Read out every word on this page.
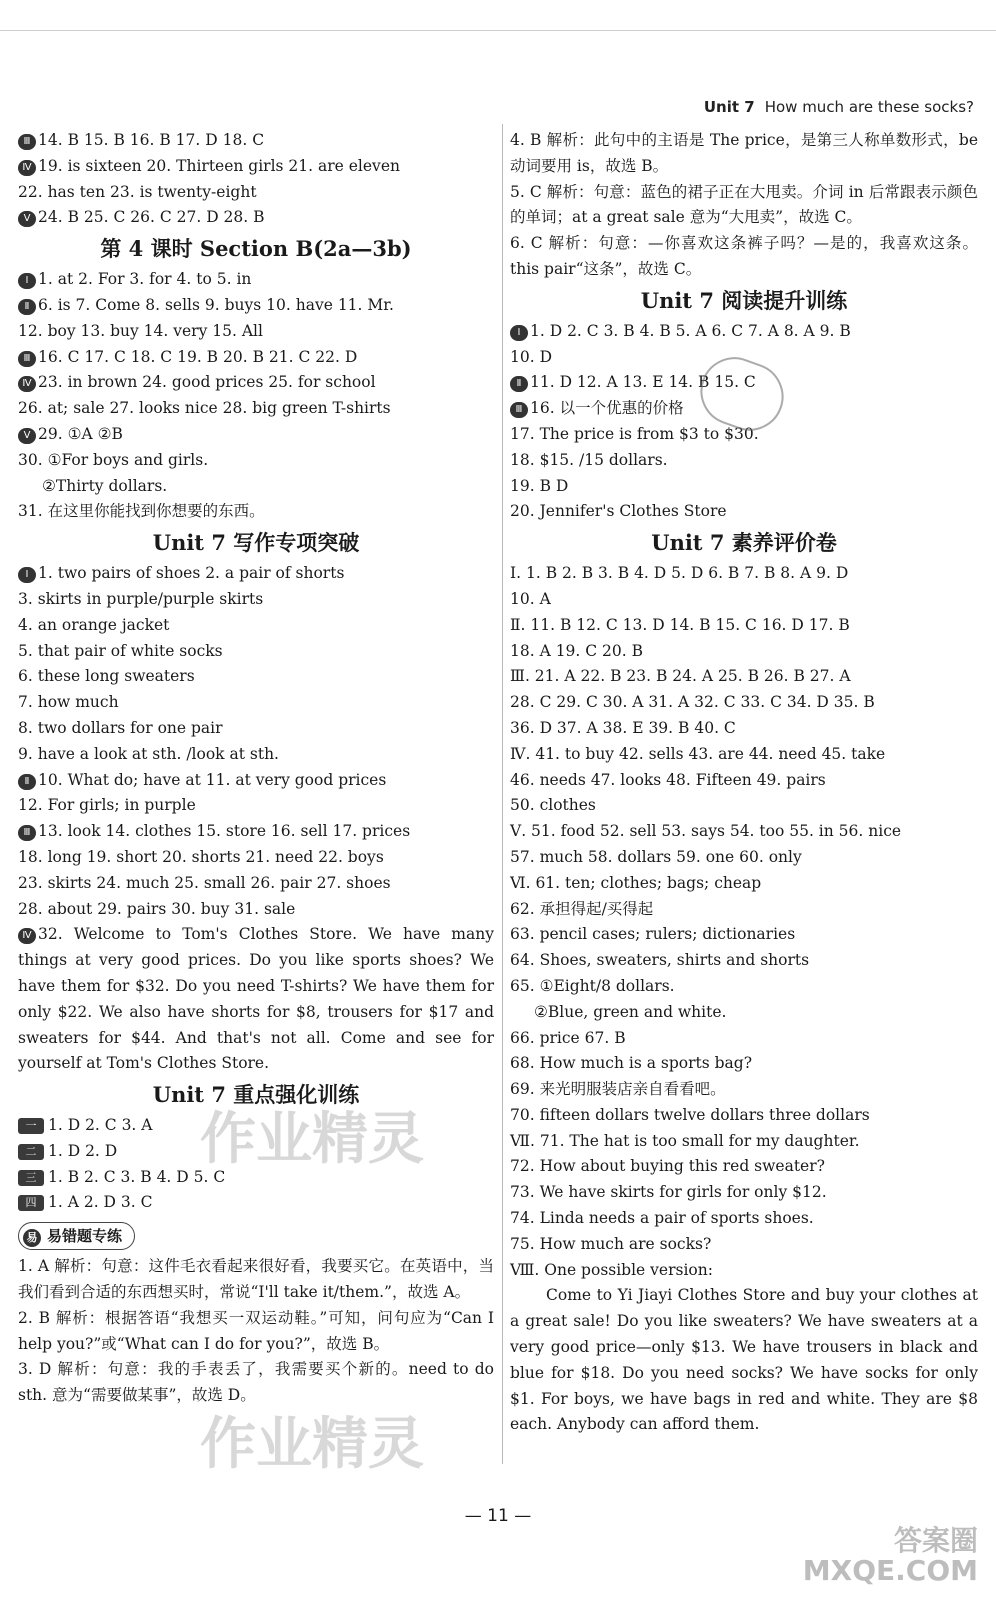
Unit 7 How much are these socks?
Ⅲ 14. B 15. B 16. B 17. D 18. C
Ⅳ 19. is sixteen 20. Thirteen girls 21. are eleven
22. has ten 23. is twenty-eight
Ⅴ 24. B 25. C 26. C 27. D 28. B
第 4 课时 Section B(2a—3b)
Ⅰ 1. at 2. For 3. for 4. to 5. in
Ⅱ 6. is 7. Come 8. sells 9. buys 10. have 11. Mr.
12. boy 13. buy 14. very 15. All
Ⅲ 16. C 17. C 18. C 19. B 20. B 21. C 22. D
Ⅳ 23. in brown 24. good prices 25. for school
26. at; sale 27. looks nice 28. big green T-shirts
Ⅴ 29. ①A ②B
30. ①For boys and girls.
②Thirty dollars.
31. 在这里你能找到你想要的东西。
Unit 7 写作专项突破
Ⅰ 1. two pairs of shoes 2. a pair of shorts
3. skirts in purple/purple skirts
4. an orange jacket
5. that pair of white socks
6. these long sweaters
7. how much
8. two dollars for one pair
9. have a look at sth. /look at sth.
Ⅱ 10. What do; have at 11. at very good prices
12. For girls; in purple
Ⅲ 13. look 14. clothes 15. store 16. sell 17. prices
18. long 19. short 20. shorts 21. need 22. boys
23. skirts 24. much 25. small 26. pair 27. shoes
28. about 29. pairs 30. buy 31. sale
Ⅳ 32. Welcome to Tom's Clothes Store. We have many things at very good prices. Do you like sports shoes? We have them for $32. Do you need T-shirts? We have them for only $22. We also have shorts for $8, trousers for $17 and sweaters for $44. And that's not all. Come and see for yourself at Tom's Clothes Store.
Unit 7 重点强化训练
一 1. D 2. C 3. A
二 1. D 2. D
三 1. B 2. C 3. B 4. D 5. C
四 1. A 2. D 3. C
易 易错题专练
1. A 解析：句意：这件毛衣看起来很好看，我要买它。在英语中，当我们看到合适的东西想买时，常说“I'll take it/them.”，故选 A。
2. B 解析：根据答语“我想买一双运动鞋。”可知，问句应为“Can I help you?”或“What can I do for you?”，故选 B。
3. D 解析：句意：我的手表丢了，我需要买个新的。need to do sth. 意为“需要做某事”，故选 D。
4. B 解析：此句中的主语是 The price，是第三人称单数形式，be 动词要用 is，故选 B。
5. C 解析：句意：蓝色的裙子正在大甩卖。介词 in 后常跟表示颜色的单词；at a great sale 意为“大甩卖”，故选 C。
6. C 解析：句意：—你喜欢这条裤子吗？—是的，我喜欢这条。this pair“这条”，故选 C。
Unit 7 阅读提升训练
Ⅰ 1. D 2. C 3. B 4. B 5. A 6. C 7. A 8. A 9. B
10. D
Ⅱ 11. D 12. A 13. E 14. B 15. C
Ⅲ 16. 以一个优惠的价格
17. The price is from $3 to $30.
18. $15. /15 dollars.
19. B D
20. Jennifer's Clothes Store
Unit 7 素养评价卷
Ⅰ. 1. B 2. B 3. B 4. D 5. D 6. B 7. B 8. A 9. D
10. A
Ⅱ. 11. B 12. C 13. D 14. B 15. C 16. D 17. B
18. A 19. C 20. B
Ⅲ. 21. A 22. B 23. B 24. A 25. B 26. B 27. A
28. C 29. C 30. A 31. A 32. C 33. C 34. D 35. B
36. D 37. A 38. E 39. B 40. C
Ⅳ. 41. to buy 42. sells 43. are 44. need 45. take
46. needs 47. looks 48. Fifteen 49. pairs
50. clothes
Ⅴ. 51. food 52. sell 53. says 54. too 55. in 56. nice
57. much 58. dollars 59. one 60. only
Ⅵ. 61. ten; clothes; bags; cheap
62. 承担得起/买得起
63. pencil cases; rulers; dictionaries
64. Shoes, sweaters, shirts and shorts
65. ①Eight/8 dollars.
②Blue, green and white.
66. price 67. B
68. How much is a sports bag?
69. 来光明服装店亲自看看吧。
70. fifteen dollars twelve dollars three dollars
Ⅶ. 71. The hat is too small for my daughter.
72. How about buying this red sweater?
73. We have skirts for girls for only $12.
74. Linda needs a pair of sports shoes.
75. How much are socks?
Ⅷ. One possible version:
Come to Yi Jiayi Clothes Store and buy your clothes at a great sale! Do you like sweaters? We have sweaters at a very good price—only $13. We have trousers in black and blue for $18. Do you need socks? We have socks for only $1. For boys, we have bags in red and white. They are $8 each. Anybody can afford them.
作业精灵
作业精灵
— 11 —
答案圈
MXQE.COM
